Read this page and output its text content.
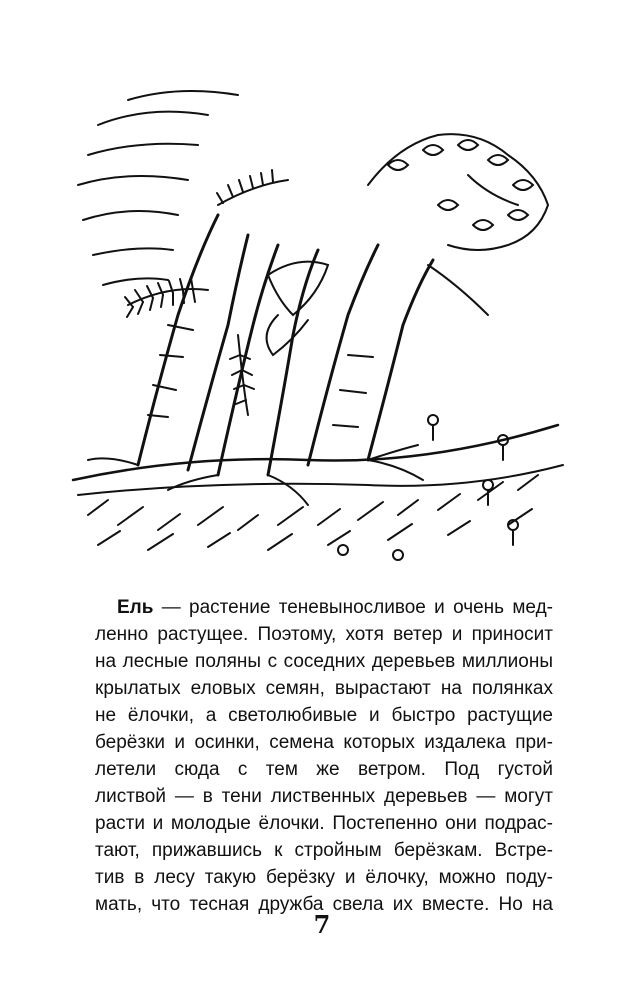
Ель — растение теневыносливое и очень мед-
ленно растущее. Поэтому, хотя ветер и приносит
на лесные поляны с соседних деревьев миллионы
крылатых еловых семян, вырастают на полянках
не ёлочки, а светолюбивые и быстро растущие
берёзки и осинки, семена которых издалека при-
летели сюда с тем же ветром. Под густой
листвой — в тени лиственных деревьев — могут
расти и молодые ёлочки. Постепенно они подрас-
тают, прижавшись к стройным берёзкам. Встре-
тив в лесу такую берёзку и ёлочку, можно поду-
мать, что тесная дружба свела их вместе. Но на
7
